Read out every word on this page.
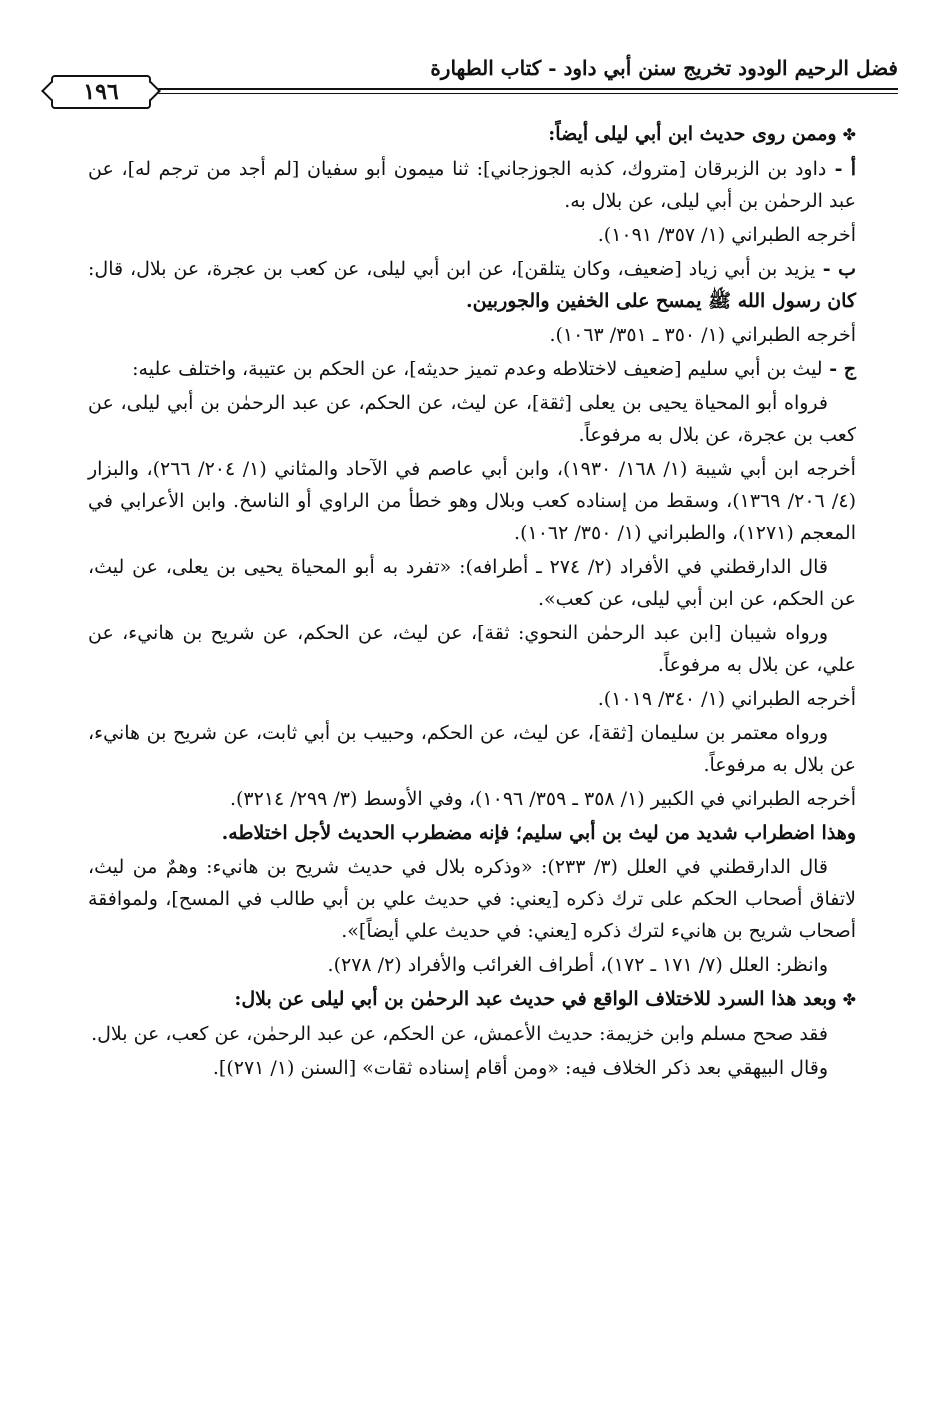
فضل الرحيم الودود تخريج سنن أبي داود - كتاب الطهارة
١٩٦
✤وممن روى حديث ابن أبي ليلى أيضاً:
أ - داود بن الزبرقان [متروك، كذبه الجوزجاني]: ثنا ميمون أبو سفيان [لم أجد من ترجم له]، عن عبد الرحمٰن بن أبي ليلى، عن بلال به.
أخرجه الطبراني (١/ ٣٥٧/ ١٠٩١).
ب - يزيد بن أبي زياد [ضعيف، وكان يتلقن]، عن ابن أبي ليلى، عن كعب بن عجرة، عن بلال، قال: كان رسول الله ﷺ يمسح على الخفين والجوربين.
أخرجه الطبراني (١/ ٣٥٠ ـ ٣٥١/ ١٠٦٣).
ج - ليث بن أبي سليم [ضعيف لاختلاطه وعدم تميز حديثه]، عن الحكم بن عتيبة، واختلف عليه:
فرواه أبو المحياة يحيى بن يعلى [ثقة]، عن ليث، عن الحكم، عن عبد الرحمٰن بن أبي ليلى، عن كعب بن عجرة، عن بلال به مرفوعاً.
أخرجه ابن أبي شيبة (١/ ١٦٨/ ١٩٣٠)، وابن أبي عاصم في الآحاد والمثاني (١/ ٢٠٤/ ٢٦٦)، والبزار (٤/ ٢٠٦/ ١٣٦٩)، وسقط من إسناده كعب وبلال وهو خطأ من الراوي أو الناسخ. وابن الأعرابي في المعجم (١٢٧١)، والطبراني (١/ ٣٥٠/ ١٠٦٢).
قال الدارقطني في الأفراد (٢/ ٢٧٤ ـ أطرافه): «تفرد به أبو المحياة يحيى بن يعلى، عن ليث، عن الحكم، عن ابن أبي ليلى، عن كعب».
ورواه شيبان [ابن عبد الرحمٰن النحوي: ثقة]، عن ليث، عن الحكم، عن شريح بن هانيء، عن علي، عن بلال به مرفوعاً.
أخرجه الطبراني (١/ ٣٤٠/ ١٠١٩).
ورواه معتمر بن سليمان [ثقة]، عن ليث، عن الحكم، وحبيب بن أبي ثابت، عن شريح بن هانيء، عن بلال به مرفوعاً.
أخرجه الطبراني في الكبير (١/ ٣٥٨ ـ ٣٥٩/ ١٠٩٦)، وفي الأوسط (٣/ ٢٩٩/ ٣٢١٤).
وهذا اضطراب شديد من ليث بن أبي سليم؛ فإنه مضطرب الحديث لأجل اختلاطه.
قال الدارقطني في العلل (٣/ ٢٣٣): «وذكره بلال في حديث شريح بن هانيء: وهمٌ من ليث، لاتفاق أصحاب الحكم على ترك ذكره [يعني: في حديث علي بن أبي طالب في المسح]، ولموافقة أصحاب شريح بن هانيء لترك ذكره [يعني: في حديث علي أيضاً]».
وانظر: العلل (٧/ ١٧١ ـ ١٧٢)، أطراف الغرائب والأفراد (٢/ ٢٧٨).
✤وبعد هذا السرد للاختلاف الواقع في حديث عبد الرحمٰن بن أبي ليلى عن بلال:
فقد صحح مسلم وابن خزيمة: حديث الأعمش، عن الحكم، عن عبد الرحمٰن، عن كعب، عن بلال.
وقال البيهقي بعد ذكر الخلاف فيه: «ومن أقام إسناده ثقات» [السنن (١/ ٢٧١)].
